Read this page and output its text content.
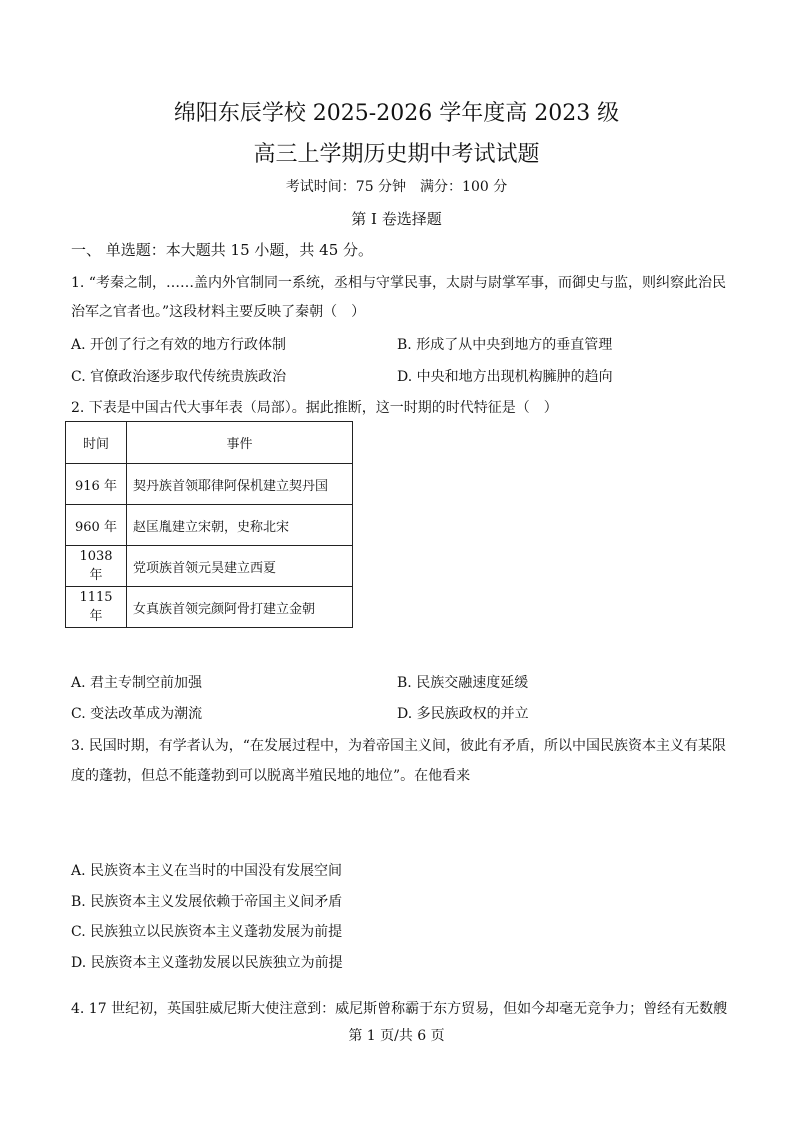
绵阳东辰学校 2025-2026 学年度高 2023 级
高三上学期历史期中考试试题
考试时间：75 分钟　满分：100 分
第 I 卷选择题
一、 单选题：本大题共 15 小题，共 45 分。
1. “考秦之制，……盖内外官制同一系统，丞相与守掌民事，太尉与尉掌军事，而御史与监，则纠察此治民
治军之官者也。”这段材料主要反映了秦朝（　）
A. 开创了行之有效的地方行政体制	B. 形成了从中央到地方的垂直管理
C. 官僚政治逐步取代传统贵族政治	D. 中央和地方出现机构臃肿的趋向
2. 下表是中国古代大事年表（局部）。据此推断，这一时期的时代特征是（　）
时间	事件
916 年	契丹族首领耶律阿保机建立契丹国
960 年	赵匡胤建立宋朝，史称北宋
1038 年	党项族首领元昊建立西夏
1115 年	女真族首领完颜阿骨打建立金朝
A. 君主专制空前加强	B. 民族交融速度延缓
C. 变法改革成为潮流	D. 多民族政权的并立
3. 民国时期，有学者认为，“在发展过程中，为着帝国主义间，彼此有矛盾，所以中国民族资本主义有某限
度的蓬勃，但总不能蓬勃到可以脱离半殖民地的地位”。在他看来
A. 民族资本主义在当时的中国没有发展空间
B. 民族资本主义发展依赖于帝国主义间矛盾
C. 民族独立以民族资本主义蓬勃发展为前提
D. 民族资本主义蓬勃发展以民族独立为前提
4. 17 世纪初，英国驻威尼斯大使注意到：威尼斯曾称霸于东方贸易，但如今却毫无竞争力；曾经有无数艘
第 1 页/共 6 页
